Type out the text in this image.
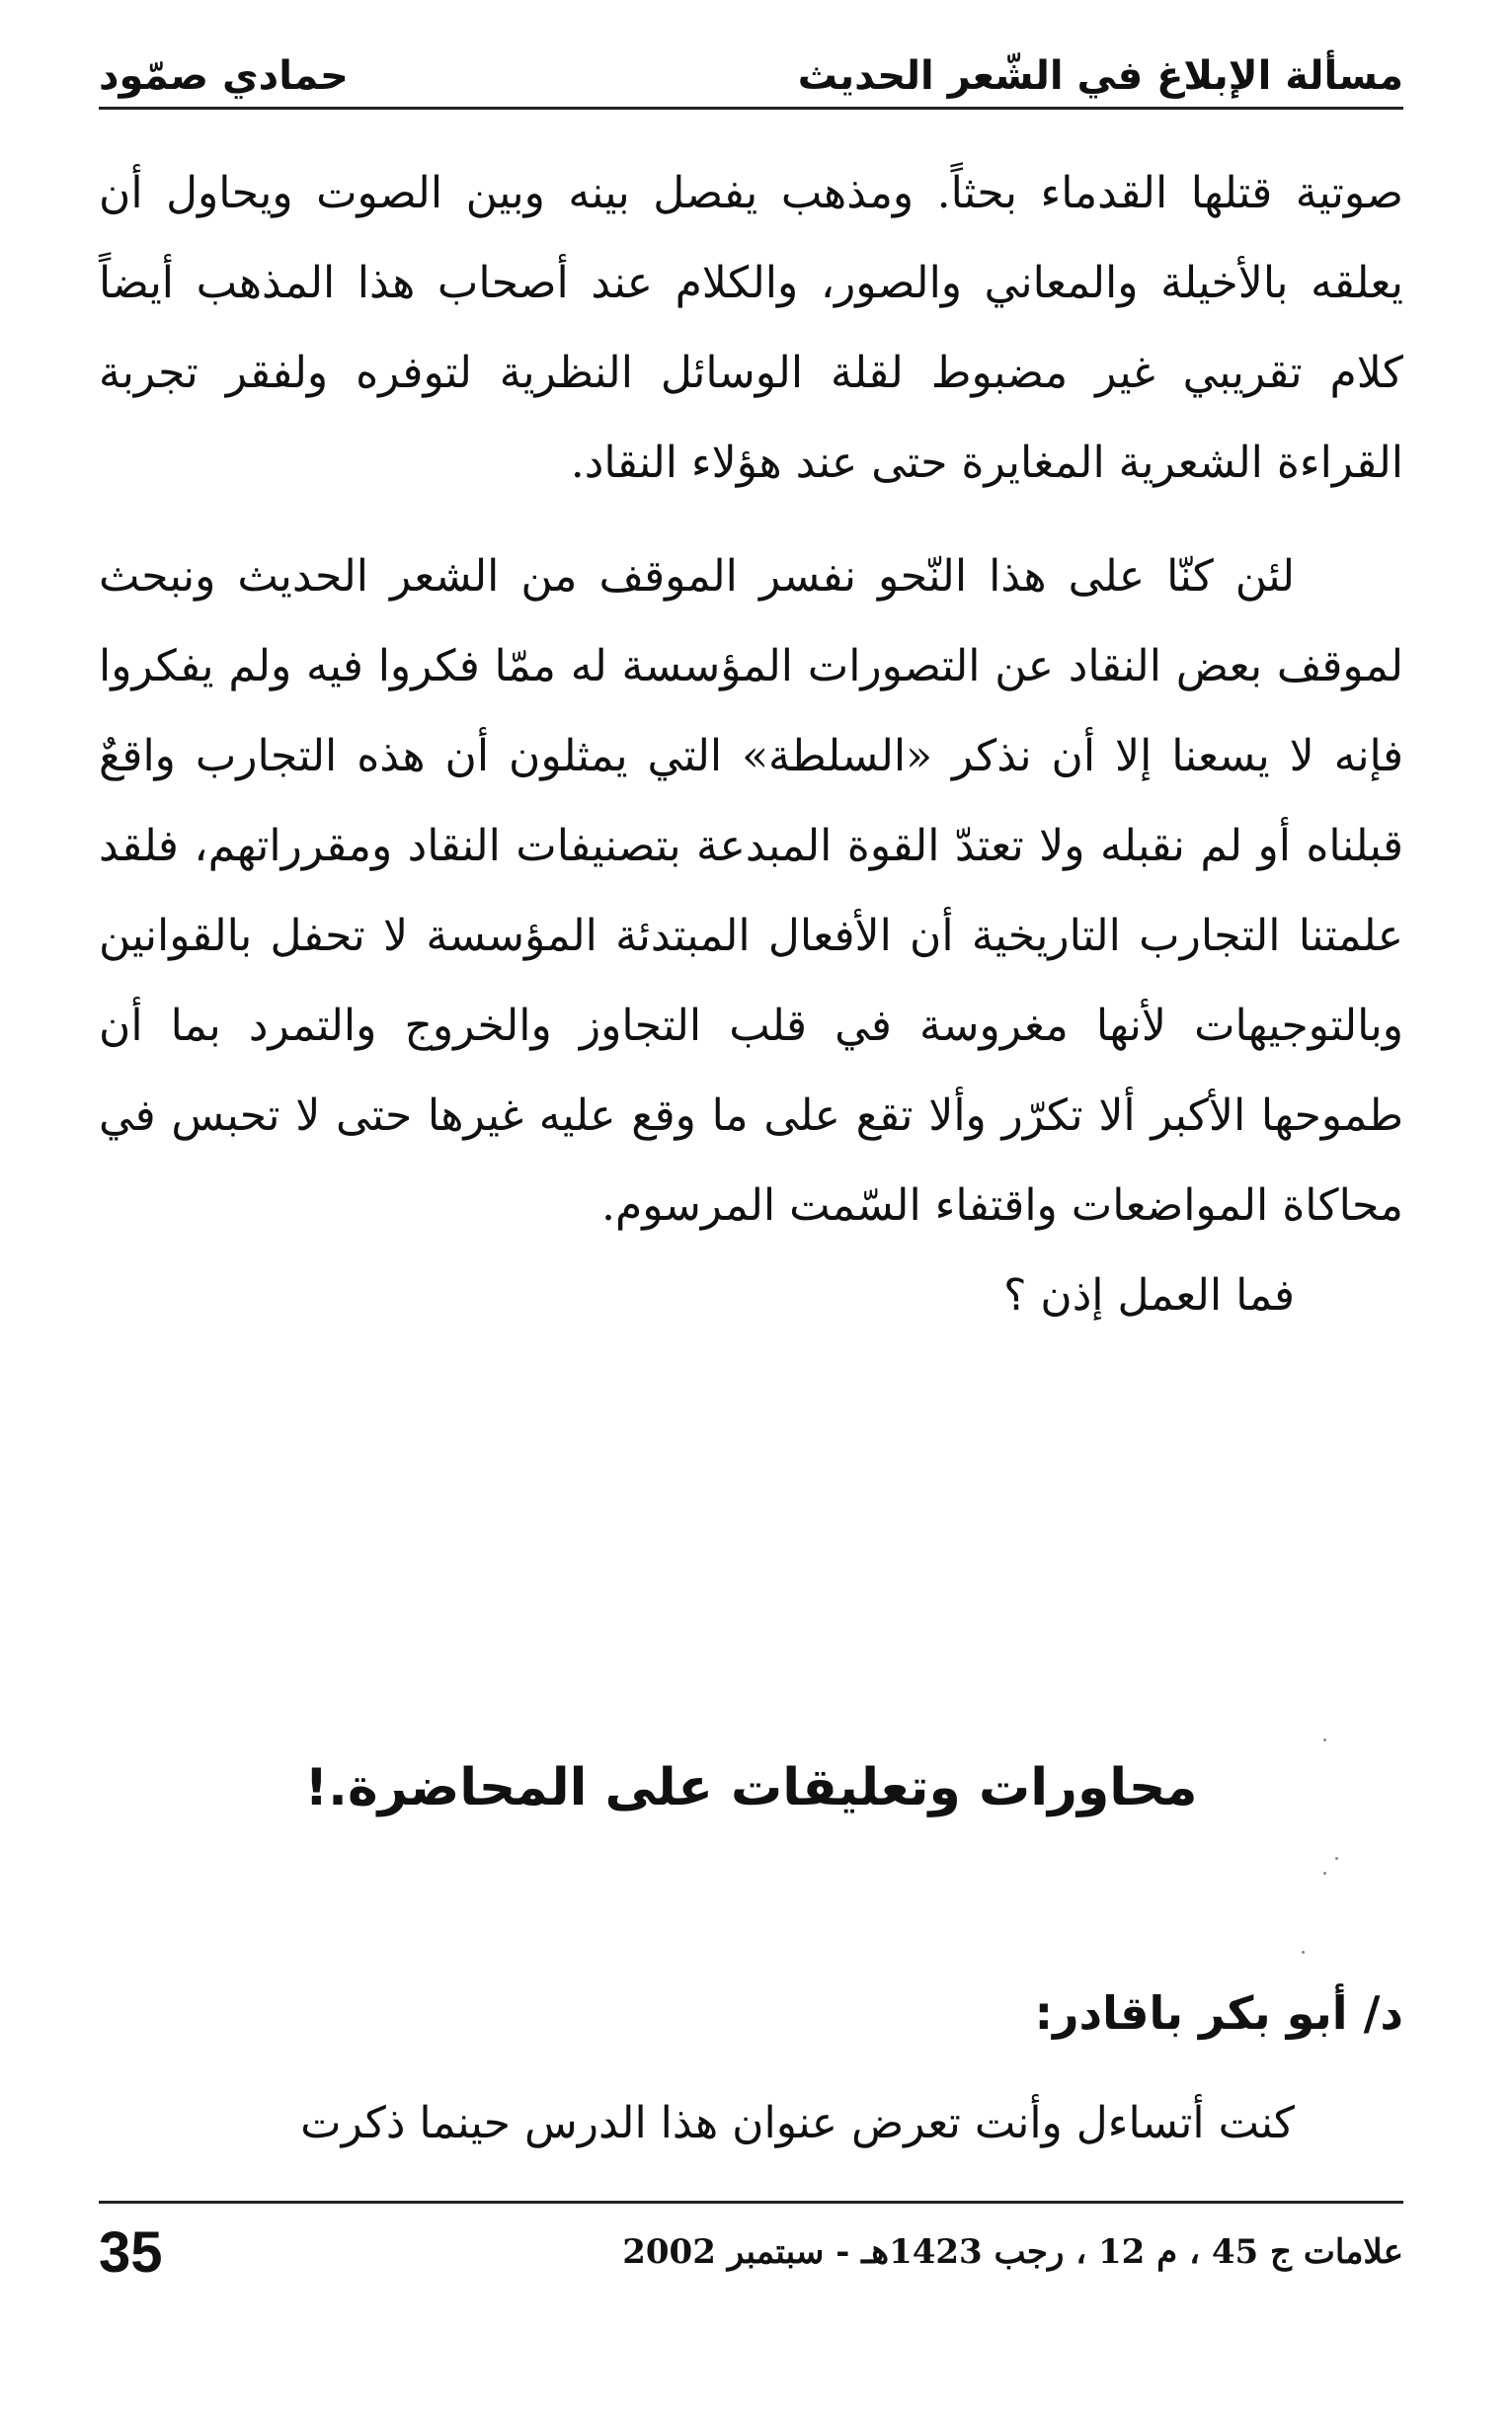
مسألة الإبلاغ في الشّعر الحديث
حمادي صمّود

صوتية قتلها القدماء بحثاً. ومذهب يفصل بينه وبين الصوت ويحاول أن يعلقه بالأخيلة والمعاني والصور، والكلام عند أصحاب هذا المذهب أيضاً كلام تقريبي غير مضبوط لقلة الوسائل النظرية لتوفره ولفقر تجربة القراءة الشعرية المغايرة حتى عند هؤلاء النقاد.

لئن كنّا على هذا النّحو نفسر الموقف من الشعر الحديث ونبحث لموقف بعض النقاد عن التصورات المؤسسة له ممّا فكروا فيه ولم يفكروا فإنه لا يسعنا إلا أن نذكر «السلطة» التي يمثلون أن هذه التجارب واقعٌ قبلناه أو لم نقبله ولا تعتدّ القوة المبدعة بتصنيفات النقاد ومقرراتهم، فلقد علمتنا التجارب التاريخية أن الأفعال المبتدئة المؤسسة لا تحفل بالقوانين وبالتوجيهات لأنها مغروسة في قلب التجاوز والخروج والتمرد بما أن طموحها الأكبر ألا تكرّر وألا تقع على ما وقع عليه غيرها حتى لا تحبس في محاكاة المواضعات واقتفاء السّمت المرسوم.

فما العمل إذن ؟

محاورات وتعليقات على المحاضرة.!
د/ أبو بكر باقادر:
كنت أتساءل وأنت تعرض عنوان هذا الدرس حينما ذكرت
علامات ج 45 ، م 12 ، رجب 1423هـ - سبتمبر 2002
35
